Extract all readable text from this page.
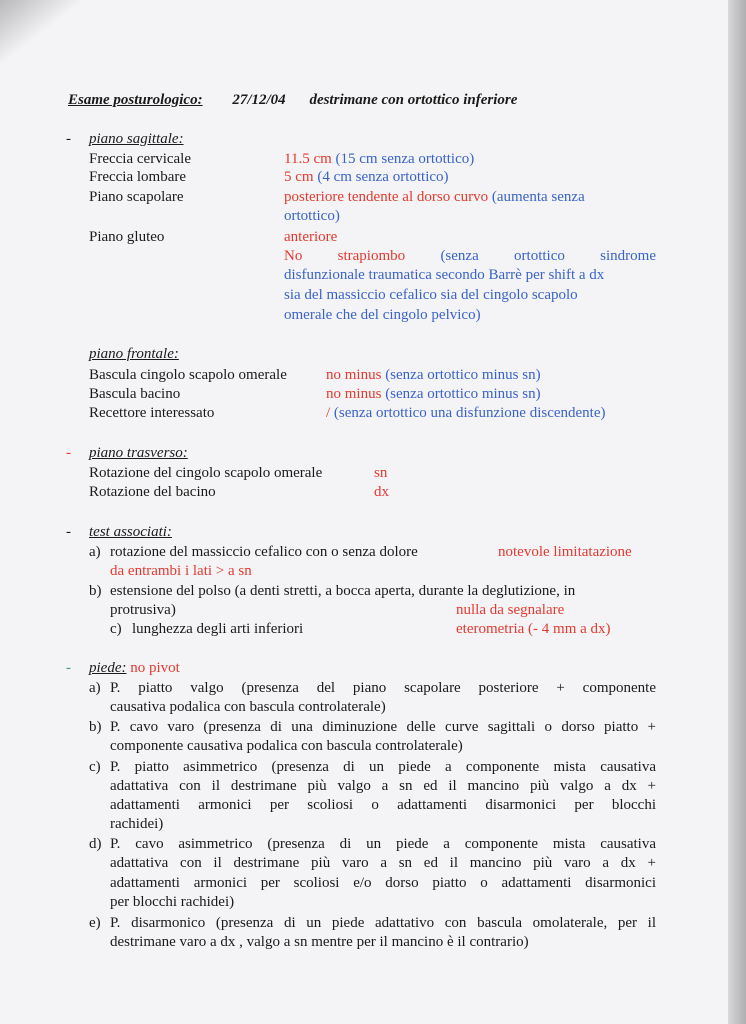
Esame posturologico: 27/12/04 destrimane con ortottico inferiore
- piano sagittale:
Freccia cervicale	11.5 cm (15 cm senza ortottico)
Freccia lombare	5 cm (4 cm senza ortottico)
Piano scapolare	posteriore tendente al dorso curvo (aumenta senza
ortottico)
Piano gluteo	anteriore
No strapiombo (senza ortottico sindrome
disfunzionale traumatica secondo Barrè per shift a dx
sia del massiccio cefalico sia del cingolo scapolo
omerale che del cingolo pelvico)
piano frontale:
Bascula cingolo scapolo omerale	no minus (senza ortottico minus sn)
Bascula bacino	no minus (senza ortottico minus sn)
Recettore interessato	/ (senza ortottico una disfunzione discendente)
- piano trasverso:
Rotazione del cingolo scapolo omerale	sn
Rotazione del bacino	dx
- test associati:
a) rotazione del massiccio cefalico con o senza dolore	notevole limitatazione
da entrambi i lati > a sn
b) estensione del polso (a denti stretti, a bocca aperta, durante la deglutizione, in
protrusiva)	nulla da segnalare
c) lunghezza degli arti inferiori	eterometria (- 4 mm a dx)
- piede: no pivot
a) P. piatto valgo (presenza del piano scapolare posteriore + componente
causativa podalica con bascula controlaterale)
b) P. cavo varo (presenza di una diminuzione delle curve sagittali o dorso piatto +
componente causativa podalica con bascula controlaterale)
c) P. piatto asimmetrico (presenza di un piede a componente mista causativa
adattativa con il destrimane più valgo a sn ed il mancino più valgo a dx +
adattamenti armonici per scoliosi o adattamenti disarmonici per blocchi
rachidei)
d) P. cavo asimmetrico (presenza di un piede a componente mista causativa
adattativa con il destrimane più varo a sn ed il mancino più varo a dx +
adattamenti armonici per scoliosi e/o dorso piatto o adattamenti disarmonici
per blocchi rachidei)
e) P. disarmonico (presenza di un piede adattativo con bascula omolaterale, per il
destrimane varo a dx , valgo a sn mentre per il mancino è il contrario)
